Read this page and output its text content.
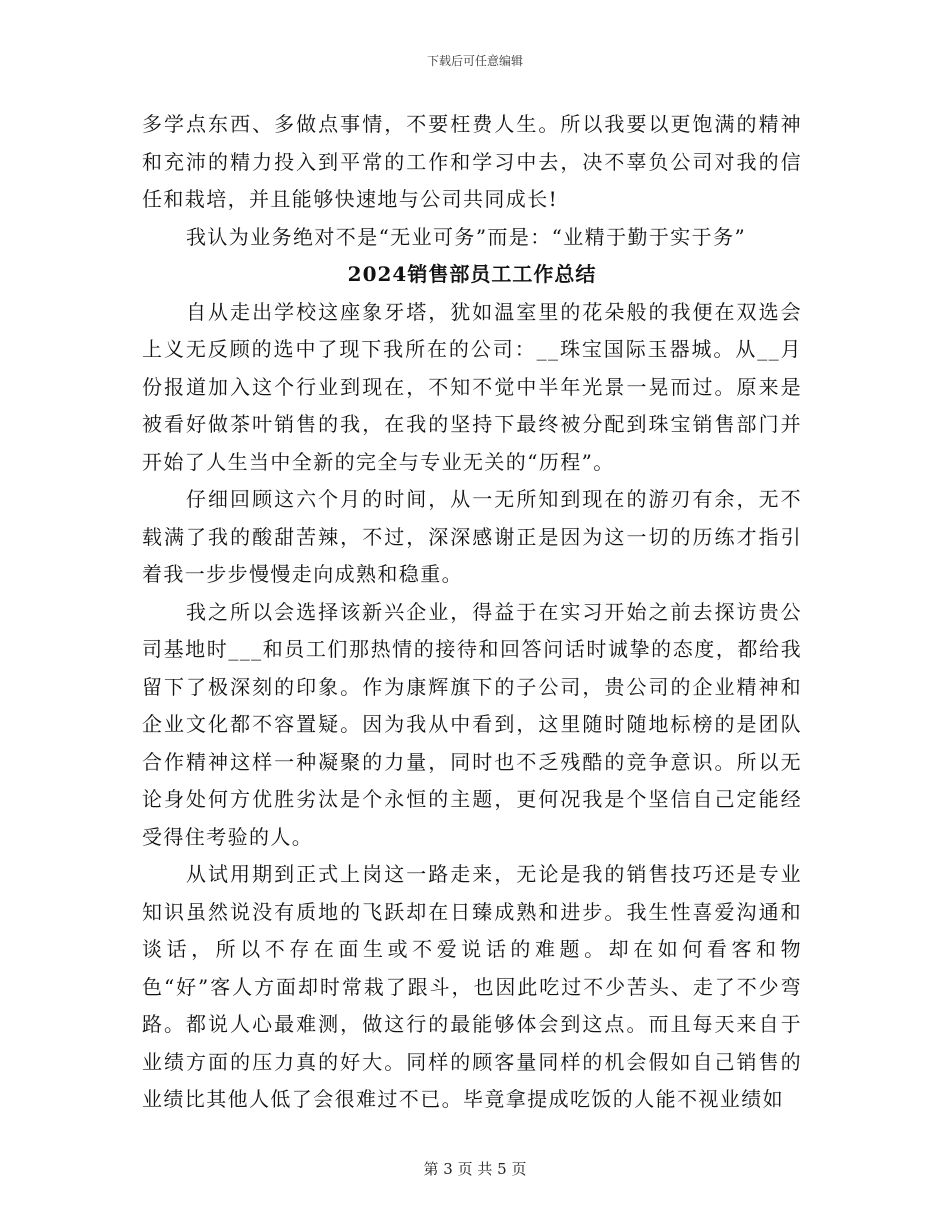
下载后可任意编辑

多学点东西、多做点事情，不要枉费人生。所以我要以更饱满的精神和充沛的精力投入到平常的工作和学习中去，决不辜负公司对我的信任和栽培，并且能够快速地与公司共同成长!

我认为业务绝对不是“无业可务”而是：“业精于勤于实于务”

2024销售部员工工作总结

自从走出学校这座象牙塔，犹如温室里的花朵般的我便在双选会上义无反顾的选中了现下我所在的公司：__珠宝国际玉器城。从__月份报道加入这个行业到现在，不知不觉中半年光景一晃而过。原来是被看好做茶叶销售的我，在我的坚持下最终被分配到珠宝销售部门并开始了人生当中全新的完全与专业无关的“历程”。

仔细回顾这六个月的时间，从一无所知到现在的游刃有余，无不载满了我的酸甜苦辣，不过，深深感谢正是因为这一切的历练才指引着我一步步慢慢走向成熟和稳重。

我之所以会选择该新兴企业，得益于在实习开始之前去探访贵公司基地时___和员工们那热情的接待和回答问话时诚挚的态度，都给我留下了极深刻的印象。作为康辉旗下的子公司，贵公司的企业精神和企业文化都不容置疑。因为我从中看到，这里随时随地标榜的是团队合作精神这样一种凝聚的力量，同时也不乏残酷的竞争意识。所以无论身处何方优胜劣汰是个永恒的主题，更何况我是个坚信自己定能经受得住考验的人。

从试用期到正式上岗这一路走来，无论是我的销售技巧还是专业知识虽然说没有质地的飞跃却在日臻成熟和进步。我生性喜爱沟通和谈话，所以不存在面生或不爱说话的难题。却在如何看客和物色“好”客人方面却时常栽了跟斗，也因此吃过不少苦头、走了不少弯路。都说人心最难测，做这行的最能够体会到这点。而且每天来自于业绩方面的压力真的好大。同样的顾客量同样的机会假如自己销售的业绩比其他人低了会很难过不已。毕竟拿提成吃饭的人能不视业绩如

第 3 页 共 5 页
